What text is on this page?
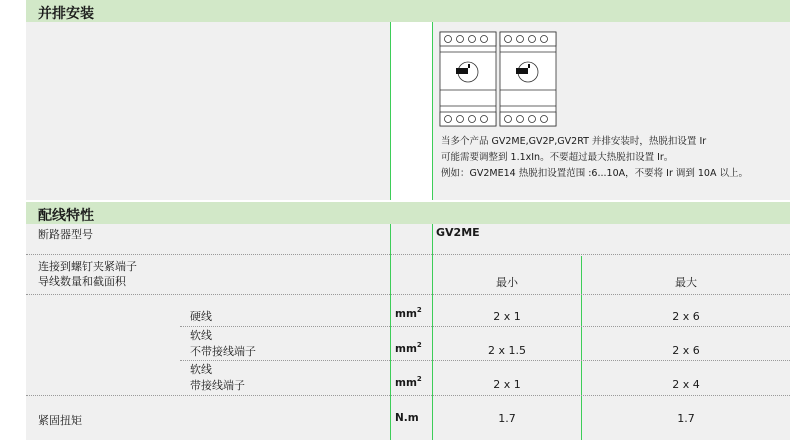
并排安装
当多个产品 GV2ME,GV2P,GV2RT 并排安装时，热脱扣设置 Ir
可能需要调整到 1.1xIn。不要超过最大热脱扣设置 Ir。
例如：GV2ME14 热脱扣设置范围 :6...10A，不要将 Ir 调到 10A 以上。
配线特性
断路器型号	GV2ME
连接到螺钉夹紧端子
导线数量和截面积	最小	最大
硬线	$mm^2$	2 x 1	2 x 6
软线
不带接线端子	$mm^2$	2 x 1.5	2 x 6
软线
带接线端子	$mm^2$	2 x 1	2 x 4
紧固扭矩	N.m	1.7	1.7
